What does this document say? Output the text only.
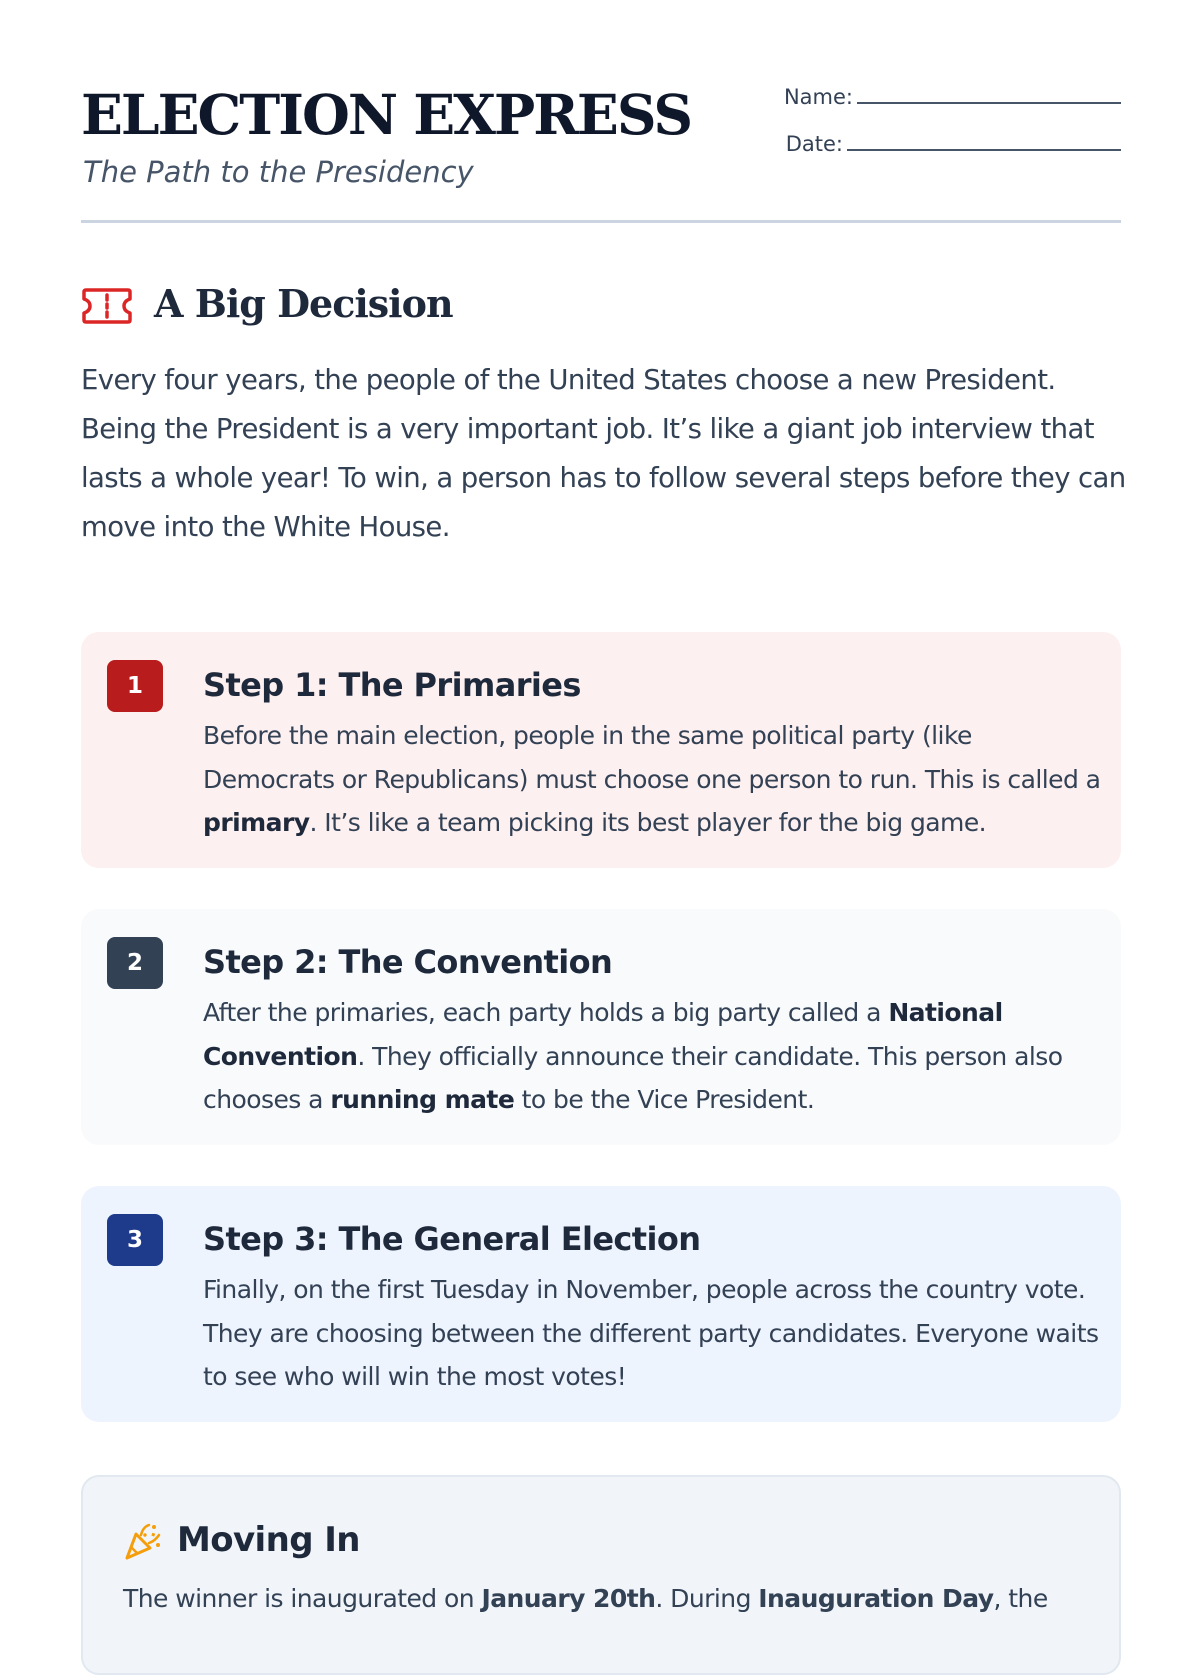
ELECTION EXPRESS
The Path to the Presidency
Name:
Date:
A Big Decision

Every four years, the people of the United States choose a new President. Being the President is a very important job. It’s like a giant job interview that lasts a whole year! To win, a person has to follow several steps before they can move into the White House.

1	Step 1: The Primaries

Before the main election, people in the same political party (like Democrats or Republicans) must choose one person to run. This is called a primary. It’s like a team picking its best player for the big game.

2	Step 2: The Convention

After the primaries, each party holds a big party called a National Convention. They officially announce their candidate. This person also chooses a running mate to be the Vice President.

3	Step 3: The General Election

Finally, on the first Tuesday in November, people across the country vote. They are choosing between the different party candidates. Everyone waits to see who will win the most votes!

Moving In

The winner is inaugurated on January 20th. During Inauguration Day, the
